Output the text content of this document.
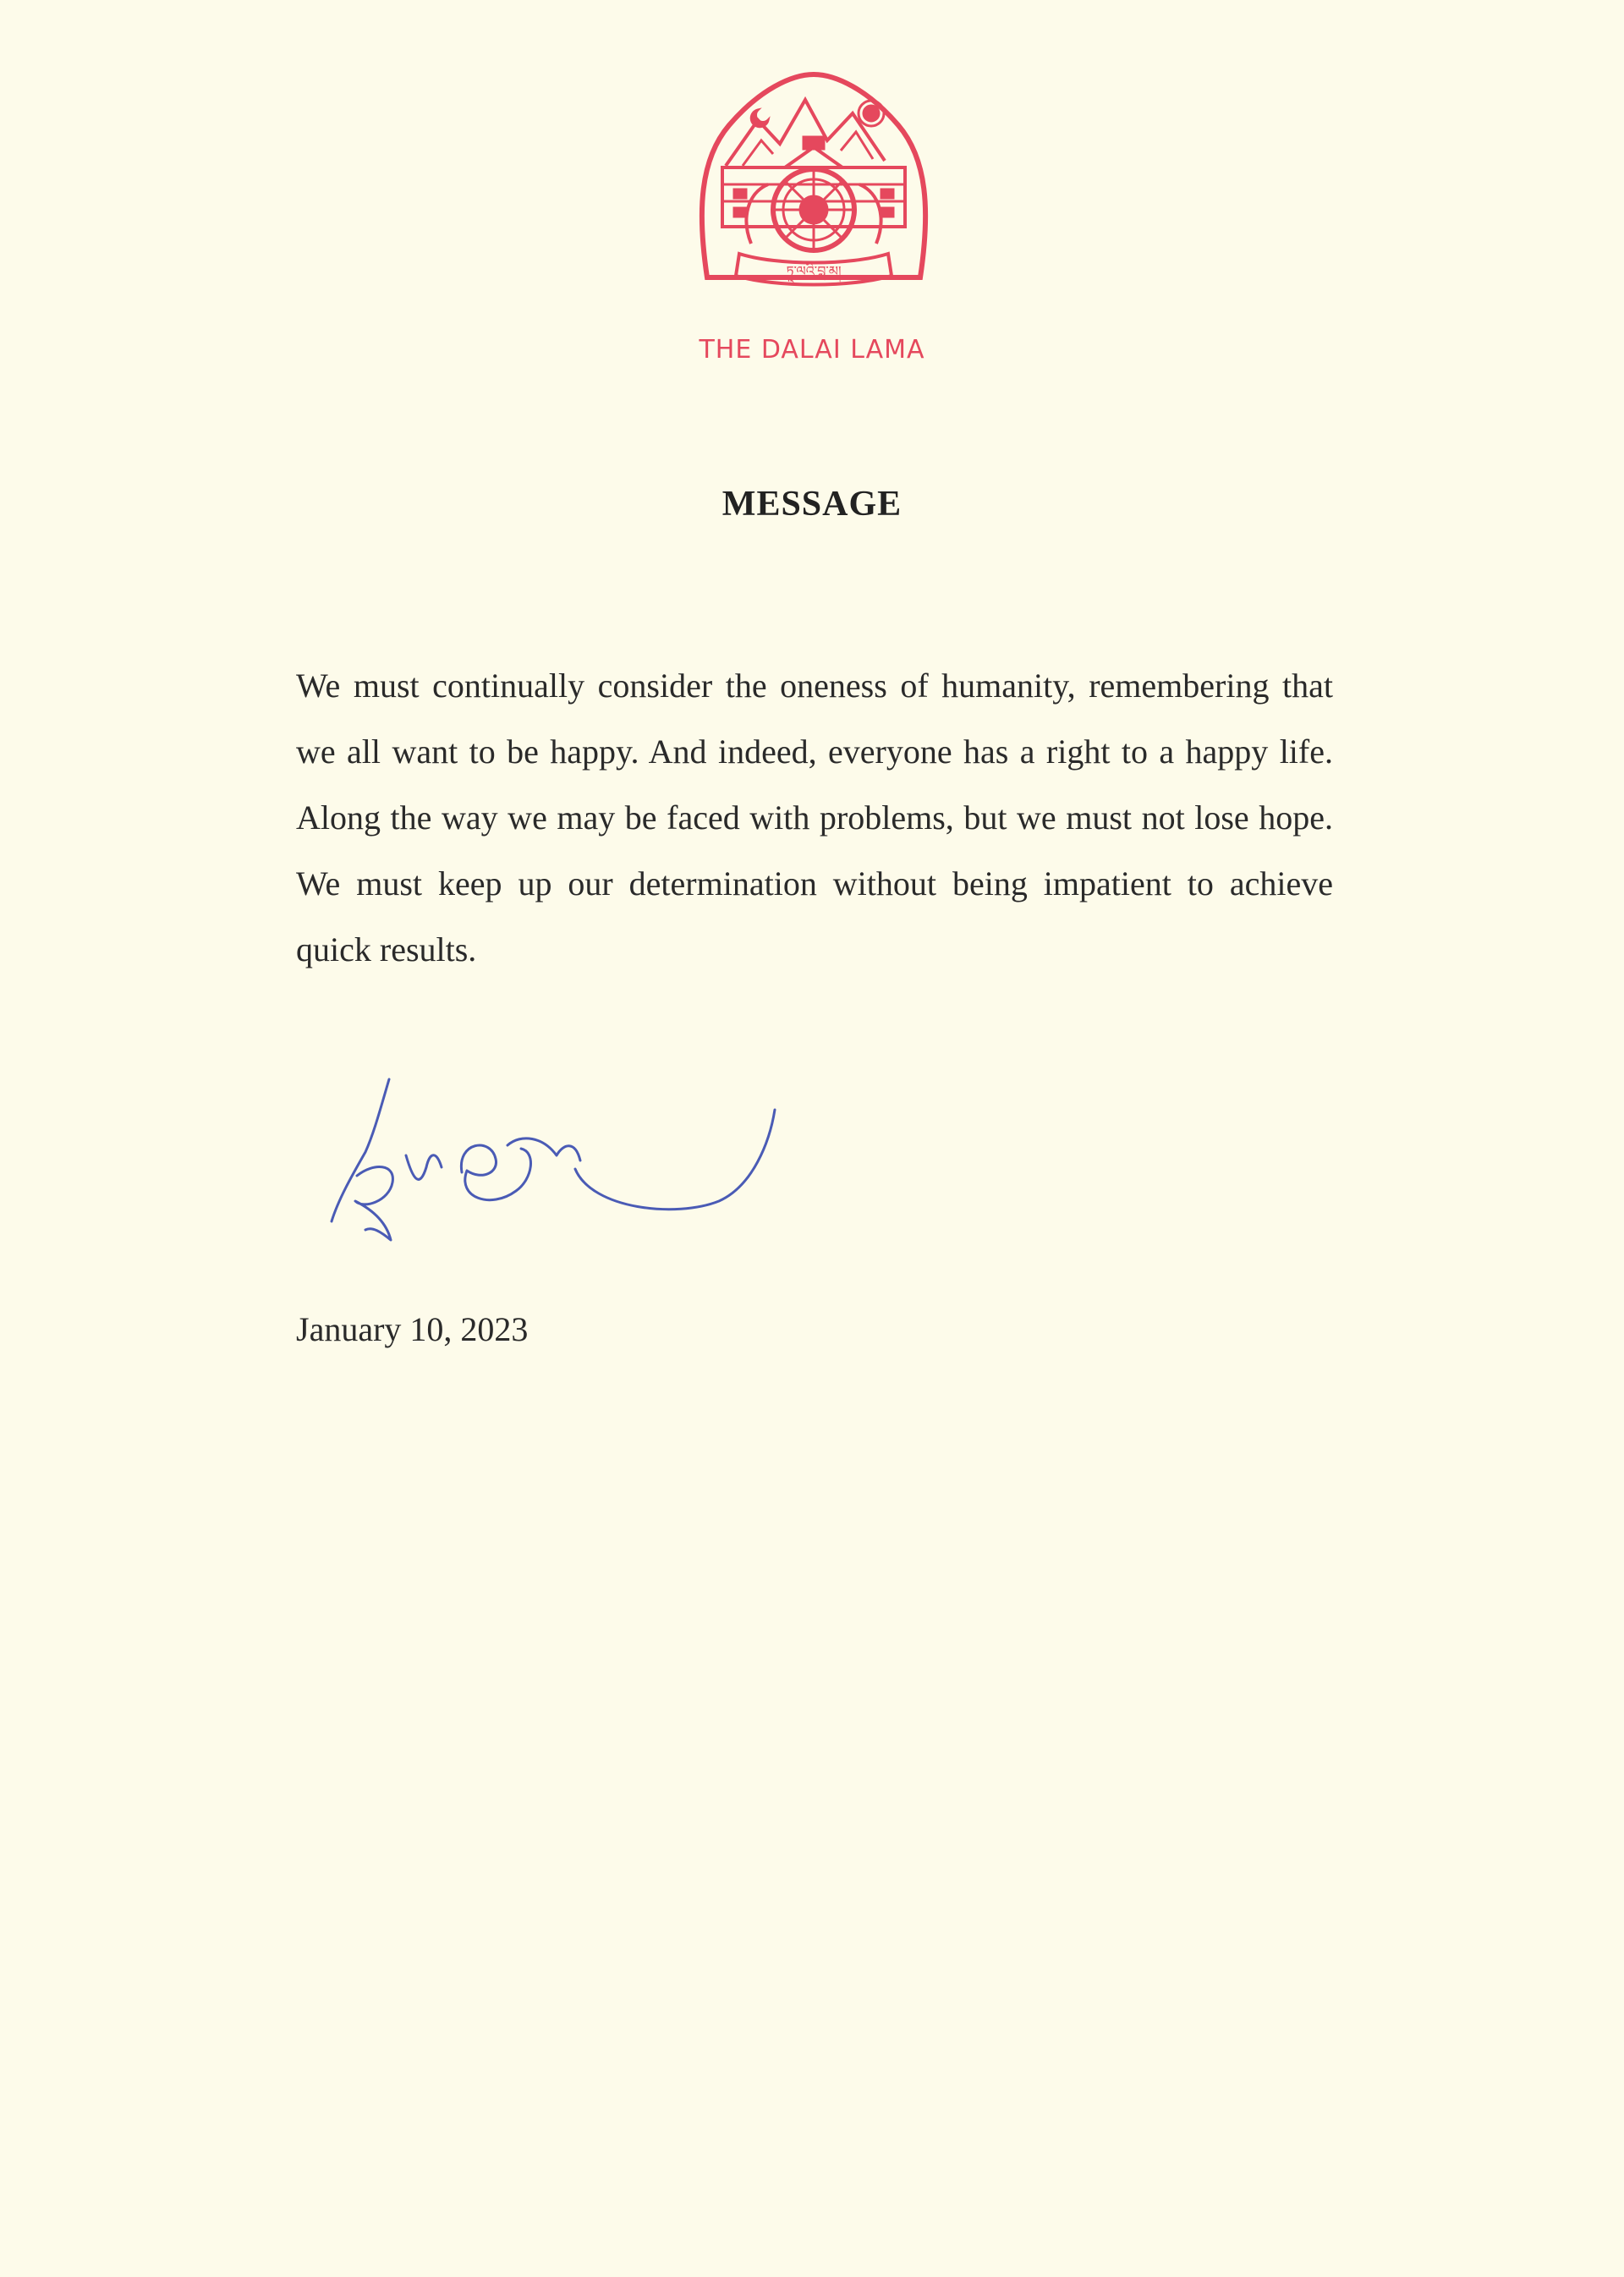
ཏཱ་ལའི་བླ་མ།
THE DALAI LAMA
MESSAGE
We must continually consider the oneness of humanity, remembering that we all want to be happy. And indeed, everyone has a right to a happy life. Along the way we may be faced with problems, but we must not lose hope. We must keep up our determination without being impatient to achieve quick results.
January 10, 2023
